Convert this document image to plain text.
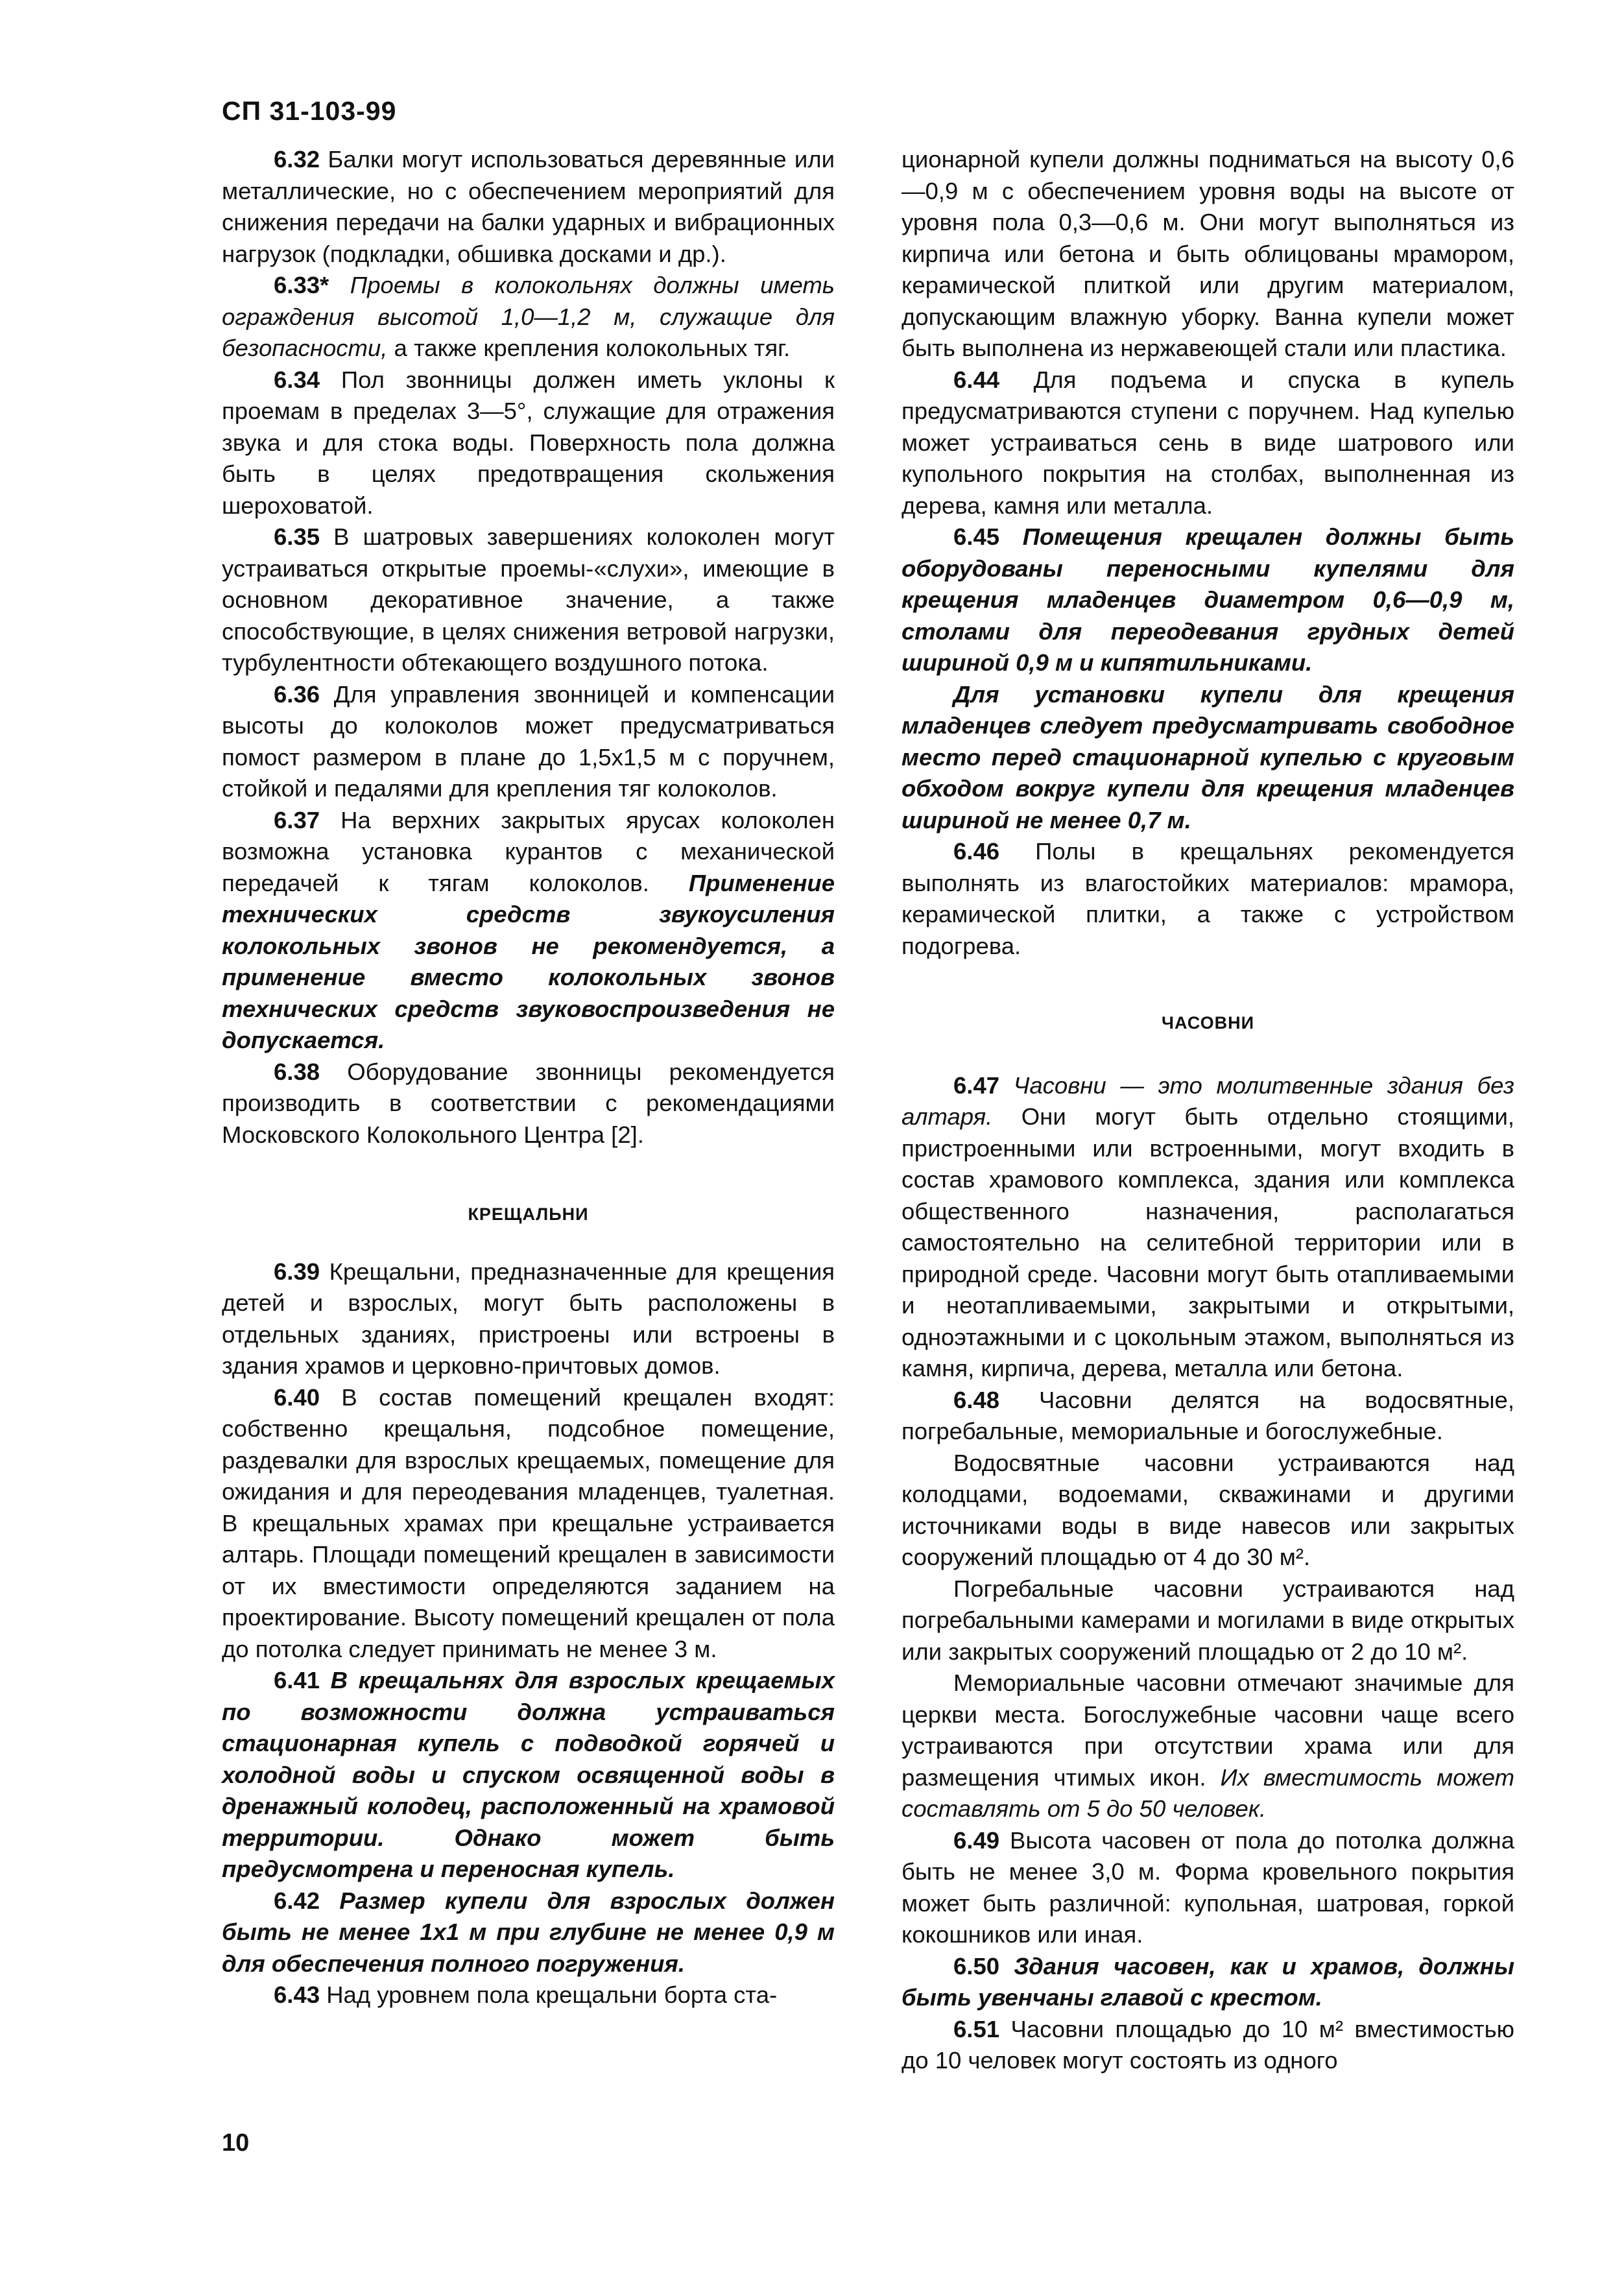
СП 31-103-99

6.32 Балки могут использоваться деревянные или металлические, но с обеспечением мероприятий для снижения передачи на балки ударных и вибрационных нагрузок (подкладки, обшивка досками и др.).

6.33* Проемы в колокольнях должны иметь ограждения высотой 1,0—1,2 м, служащие для безопасности, а также крепления колокольных тяг.

6.34 Пол звонницы должен иметь уклоны к проемам в пределах 3—5°, служащие для отражения звука и для стока воды. Поверхность пола должна быть в целях предотвращения скольжения шероховатой.

6.35 В шатровых завершениях колоколен могут устраиваться открытые проемы-«слухи», имеющие в основном декоративное значение, а также способствующие, в целях снижения ветровой нагрузки, турбулентности обтекающего воздушного потока.

6.36 Для управления звонницей и компенсации высоты до колоколов может предусматриваться помост размером в плане до 1,5х1,5 м с поручнем, стойкой и педалями для крепления тяг колоколов.

6.37 На верхних закрытых ярусах колоколен возможна установка курантов с механической передачей к тягам колоколов. Применение технических средств звукоусиления колокольных звонов не рекомендуется, а применение вместо колокольных звонов технических средств звуковоспроизведения не допускается.

6.38 Оборудование звонницы рекомендуется производить в соответствии с рекомендациями Московского Колокольного Центра [2].

КРЕЩАЛЬНИ

6.39 Крещальни, предназначенные для крещения детей и взрослых, могут быть расположены в отдельных зданиях, пристроены или встроены в здания храмов и церковно-причтовых домов.

6.40 В состав помещений крещален входят: собственно крещальня, подсобное помещение, раздевалки для взрослых крещаемых, помещение для ожидания и для переодевания младенцев, туалетная. В крещальных храмах при крещальне устраивается алтарь. Площади помещений крещален в зависимости от их вместимости определяются заданием на проектирование. Высоту помещений крещален от пола до потолка следует принимать не менее 3 м.

6.41 В крещальнях для взрослых крещаемых по возможности должна устраиваться стационарная купель с подводкой горячей и холодной воды и спуском освященной воды в дренажный колодец, расположенный на храмовой территории. Однако может быть предусмотрена и переносная купель.

6.42 Размер купели для взрослых должен быть не менее 1х1 м при глубине не менее 0,9 м для обеспечения полного погружения.

6.43 Над уровнем пола крещальни борта ста-

ционарной купели должны подниматься на высоту 0,6—0,9 м с обеспечением уровня воды на высоте от уровня пола 0,3—0,6 м. Они могут выполняться из кирпича или бетона и быть облицованы мрамором, керамической плиткой или другим материалом, допускающим влажную уборку. Ванна купели может быть выполнена из нержавеющей стали или пластика.

6.44 Для подъема и спуска в купель предусматриваются ступени с поручнем. Над купелью может устраиваться сень в виде шатрового или купольного покрытия на столбах, выполненная из дерева, камня или металла.

6.45 Помещения крещален должны быть оборудованы переносными купелями для крещения младенцев диаметром 0,6—0,9 м, столами для переодевания грудных детей шириной 0,9 м и кипятильниками.

Для установки купели для крещения младенцев следует предусматривать свободное место перед стационарной купелью с круговым обходом вокруг купели для крещения младенцев шириной не менее 0,7 м.

6.46 Полы в крещальнях рекомендуется выполнять из влагостойких материалов: мрамора, керамической плитки, а также с устройством подогрева.

ЧАСОВНИ

6.47 Часовни — это молитвенные здания без алтаря. Они могут быть отдельно стоящими, пристроенными или встроенными, могут входить в состав храмового комплекса, здания или комплекса общественного назначения, располагаться самостоятельно на селитебной территории или в природной среде. Часовни могут быть отапливаемыми и неотапливаемыми, закрытыми и открытыми, одноэтажными и с цокольным этажом, выполняться из камня, кирпича, дерева, металла или бетона.

6.48 Часовни делятся на водосвятные, погребальные, мемориальные и богослужебные.

Водосвятные часовни устраиваются над колодцами, водоемами, скважинами и другими источниками воды в виде навесов или закрытых сооружений площадью от 4 до 30 м².

Погребальные часовни устраиваются над погребальными камерами и могилами в виде открытых или закрытых сооружений площадью от 2 до 10 м².

Мемориальные часовни отмечают значимые для церкви места. Богослужебные часовни чаще всего устраиваются при отсутствии храма или для размещения чтимых икон. Их вместимость может составлять от 5 до 50 человек.

6.49 Высота часовен от пола до потолка должна быть не менее 3,0 м. Форма кровельного покрытия может быть различной: купольная, шатровая, горкой кокошников или иная.

6.50 Здания часовен, как и храмов, должны быть увенчаны главой с крестом.

6.51 Часовни площадью до 10 м² вместимостью до 10 человек могут состоять из одного

10
